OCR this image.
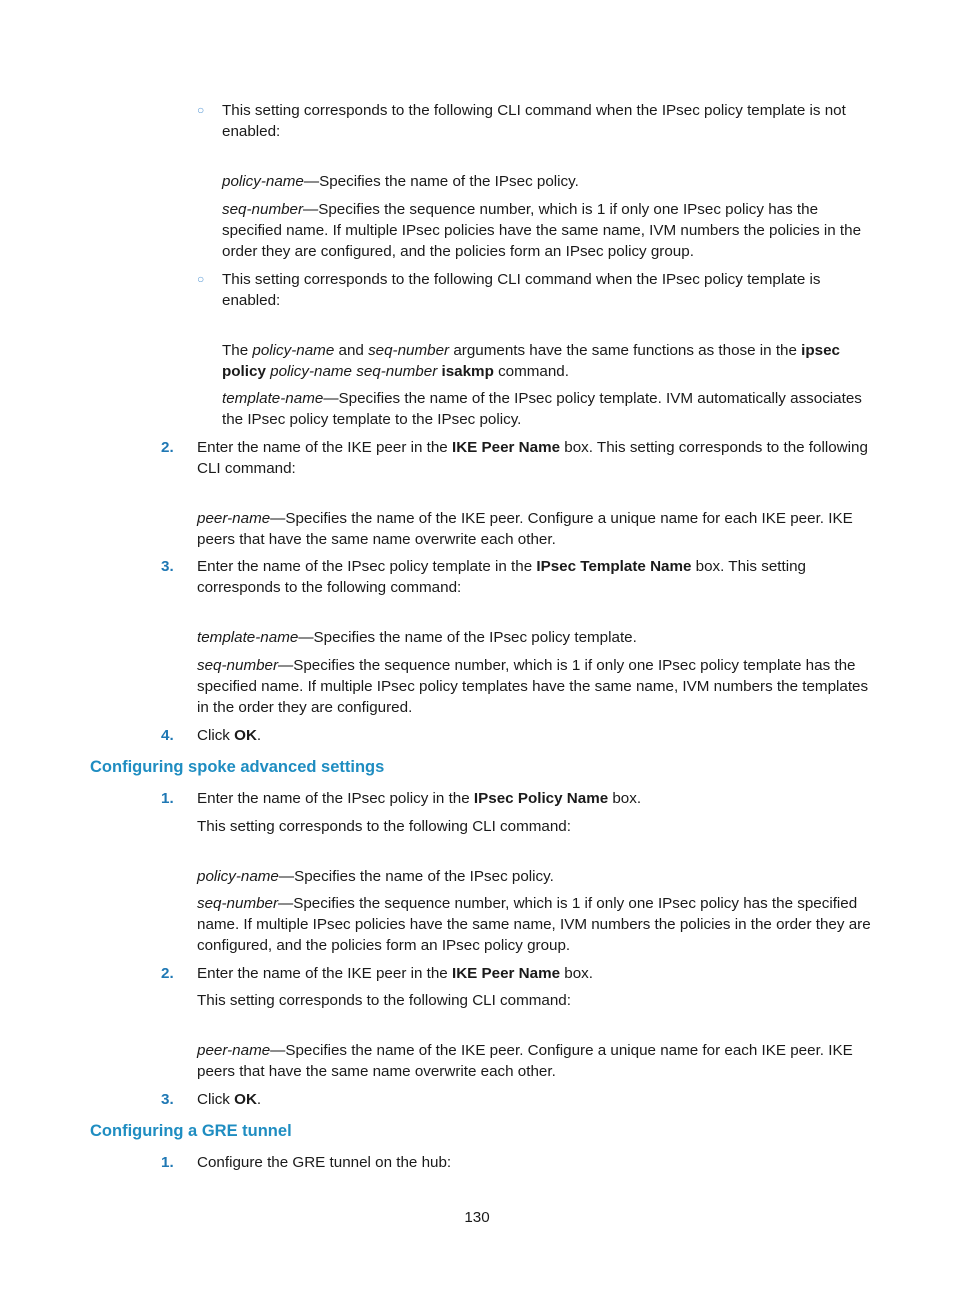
○ This setting corresponds to the following CLI command when the IPsec policy template is not enabled:

policy-name—Specifies the name of the IPsec policy.

seq-number—Specifies the sequence number, which is 1 if only one IPsec policy has the specified name. If multiple IPsec policies have the same name, IVM numbers the policies in the order they are configured, and the policies form an IPsec policy group.

○ This setting corresponds to the following CLI command when the IPsec policy template is enabled:

The policy-name and seq-number arguments have the same functions as those in the ipsec policy policy-name seq-number isakmp command.

template-name—Specifies the name of the IPsec policy template. IVM automatically associates the IPsec policy template to the IPsec policy.

2. Enter the name of the IKE peer in the IKE Peer Name box. This setting corresponds to the following CLI command:

peer-name—Specifies the name of the IKE peer. Configure a unique name for each IKE peer. IKE peers that have the same name overwrite each other.

3. Enter the name of the IPsec policy template in the IPsec Template Name box. This setting corresponds to the following command:

template-name—Specifies the name of the IPsec policy template.

seq-number—Specifies the sequence number, which is 1 if only one IPsec policy template has the specified name. If multiple IPsec policy templates have the same name, IVM numbers the templates in the order they are configured.

4. Click OK.

Configuring spoke advanced settings
1. Enter the name of the IPsec policy in the IPsec Policy Name box.

This setting corresponds to the following CLI command:

policy-name—Specifies the name of the IPsec policy.

seq-number—Specifies the sequence number, which is 1 if only one IPsec policy has the specified name. If multiple IPsec policies have the same name, IVM numbers the policies in the order they are configured, and the policies form an IPsec policy group.

2. Enter the name of the IKE peer in the IKE Peer Name box.

This setting corresponds to the following CLI command:

peer-name—Specifies the name of the IKE peer. Configure a unique name for each IKE peer. IKE peers that have the same name overwrite each other.

3. Click OK.

Configuring a GRE tunnel
1. Configure the GRE tunnel on the hub:

130
